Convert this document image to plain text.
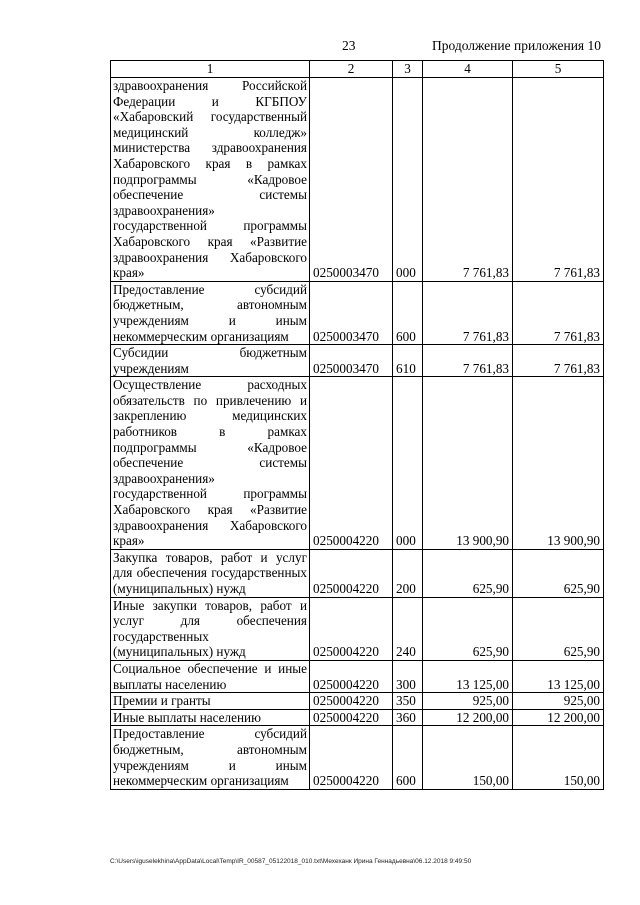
23	Продолжение приложения 10
1	2	3	4	5
здравоохранения Российской Федерации и КГБПОУ «Хабаровский государственный медицинский колледж» министерства здравоохранения Хабаровского края в рамках подпрограммы «Кадровое обеспечение системы здравоохранения» государственной программы Хабаровского края «Развитие здравоохранения Хабаровского
края»	0250003470	000	7 761,83	7 761,83
Предоставление субсидий бюджетным, автономным учреждениям и иным
некоммерческим организациям	0250003470	600	7 761,83	7 761,83
Субсидии бюджетным
учреждениям	0250003470	610	7 761,83	7 761,83
Осуществление расходных обязательств по привлечению и закреплению медицинских работников в рамках подпрограммы «Кадровое обеспечение системы здравоохранения» государственной программы Хабаровского края «Развитие здравоохранения Хабаровского
края»	0250004220	000	13 900,90	13 900,90
Закупка товаров, работ и услуг для обеспечения государственных
(муниципальных) нужд	0250004220	200	625,90	625,90
Иные закупки товаров, работ и услуг для обеспечения государственных
(муниципальных) нужд	0250004220	240	625,90	625,90
Социальное обеспечение и иные
выплаты населению	0250004220	300	13 125,00	13 125,00

Премии и гранты	0250004220	350	925,00	925,00

Иные выплаты населению	0250004220	360	12 200,00	12 200,00
Предоставление субсидий бюджетным, автономным учреждениям и иным
некоммерческим организациям	0250004220	600	150,00	150,00
C:\Users\iguselekhina\AppData\Local\Temp\IR_00587_05122018_010.txt\Мехеханк Ирина Геннадьевна\06.12.2018 9:49:50
